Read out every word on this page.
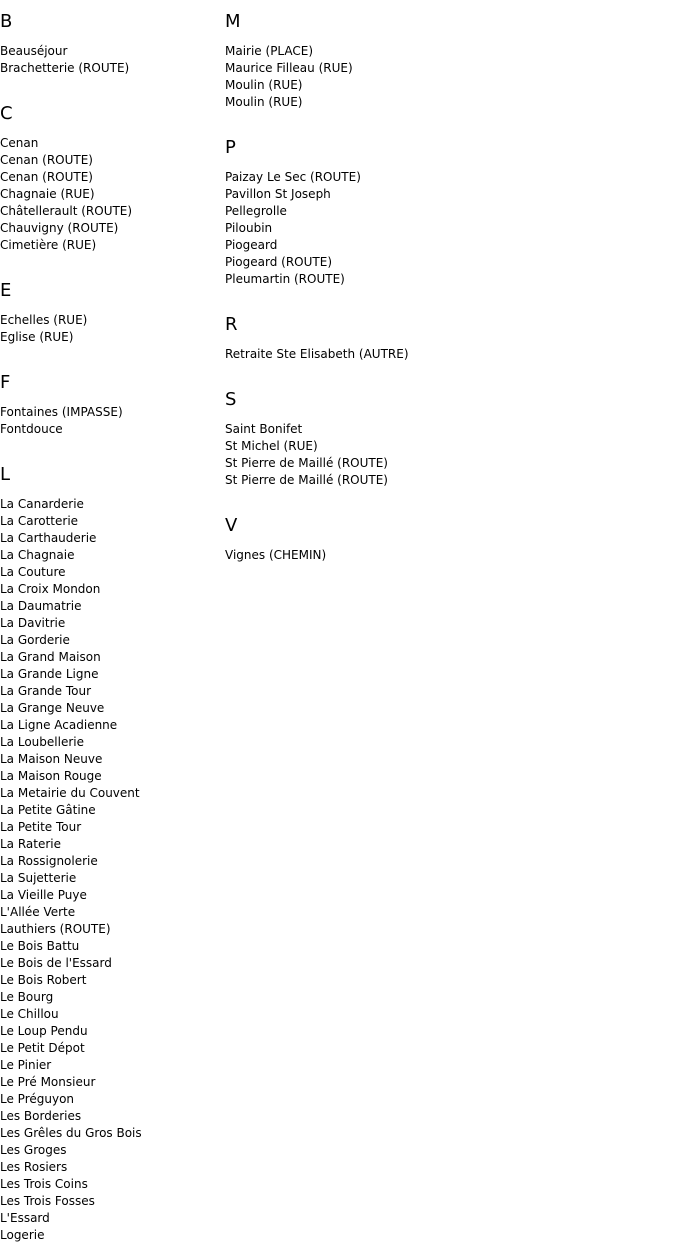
B
Beauséjour
Brachetterie (ROUTE)
C
Cenan
Cenan (ROUTE)
Cenan (ROUTE)
Chagnaie (RUE)
Châtellerault (ROUTE)
Chauvigny (ROUTE)
Cimetière (RUE)
E
Echelles (RUE)
Eglise (RUE)
F
Fontaines (IMPASSE)
Fontdouce
L
La Canarderie
La Carotterie
La Carthauderie
La Chagnaie
La Couture
La Croix Mondon
La Daumatrie
La Davitrie
La Gorderie
La Grand Maison
La Grande Ligne
La Grande Tour
La Grange Neuve
La Ligne Acadienne
La Loubellerie
La Maison Neuve
La Maison Rouge
La Metairie du Couvent
La Petite Gâtine
La Petite Tour
La Raterie
La Rossignolerie
La Sujetterie
La Vieille Puye
L'Allée Verte
Lauthiers (ROUTE)
Le Bois Battu
Le Bois de l'Essard
Le Bois Robert
Le Bourg
Le Chillou
Le Loup Pendu
Le Petit Dépot
Le Pinier
Le Pré Monsieur
Le Préguyon
Les Borderies
Les Grêles du Gros Bois
Les Groges
Les Rosiers
Les Trois Coins
Les Trois Fosses
L'Essard
Logerie
M
Mairie (PLACE)
Maurice Filleau (RUE)
Moulin (RUE)
Moulin (RUE)
P
Paizay Le Sec (ROUTE)
Pavillon St Joseph
Pellegrolle
Piloubin
Piogeard
Piogeard (ROUTE)
Pleumartin (ROUTE)
R
Retraite Ste Elisabeth (AUTRE)
S
Saint Bonifet
St Michel (RUE)
St Pierre de Maillé (ROUTE)
St Pierre de Maillé (ROUTE)
V
Vignes (CHEMIN)
